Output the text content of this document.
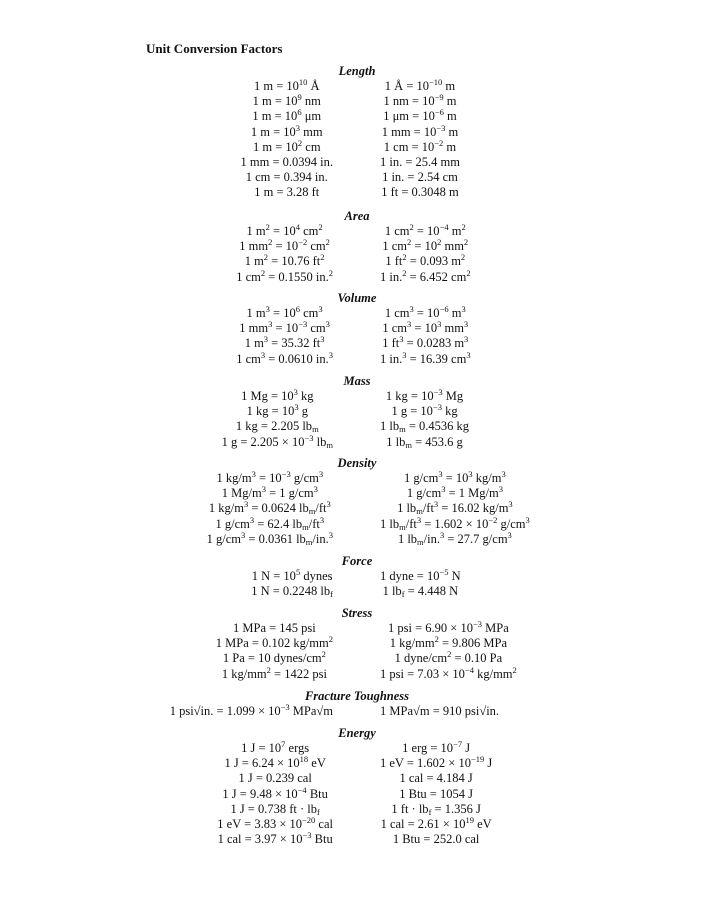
Unit Conversion Factors
Length
1 $m = 10^{10}$ Å
1 $m = 10^9$ nm
1 $m = 10^6$ μm
1 $m = 10^3$ mm
1 $m = 10^2$ cm
1 mm = 0.0394 in.
1 cm = 0.394 in.
1 m = 3.28 ft
1 Å = $10^{-10}$ m
1 nm = $10^{-9}$ m
1 $\mu m = 10^{-6}$ m
1 mm = $10^{-3}$ m
1 cm = $10^{-2}$ m
1 in. = 25.4 mm
1 in. = 2.54 cm
1 ft = 0.3048 m
Area
1 $m^2 = 10^4$ $cm^2$
1 $mm^2 = 10^{-2}$ $cm^2$
1 $m^2 = 10.76$ $ft^2$
1 $cm^2 = 0.1550$ in.$^2$
1 $cm^2 = 10^{-4}$ $m^2$
1 $cm^2 = 10^2$ $mm^2$
1 $ft^2 = 0.093$ $m^2$
1 in.$^2$ = 6.452 $cm^2$
Volume
1 $m^3 = 10^6$ $cm^3$
1 $mm^3 = 10^{-3}$ $cm^3$
1 $m^3 = 35.32$ $ft^3$
1 $cm^3 = 0.0610$ in.$^3$
1 $cm^3 = 10^{-6}$ $m^3$
1 $cm^3 = 10^3$ $mm^3$
1 $ft^3 = 0.0283$ $m^3$
1 in.$^3$ = 16.39 $cm^3$
Mass
1 $Mg = 10^3$ kg
1 kg = $10^3$ g
1 kg = 2.205 $lb_m$
1 $g = 2.205 \times 10^{-3}$ $lb_m$
1 kg = $10^{-3}$ Mg
1 $g = 10^{-3}$ kg
1 $lb_m = 0.4536$ kg
1 $lb_m = 453.6$ g
Density
1 $kg/m^3 = 10^{-3}$ $g/cm^3$
1 $Mg/m^3 = 1$ $g/cm^3$
1 $kg/m^3 = 0.0624$ $lb_m/ft^3$
1 $g/cm^3 = 62.4$ $lb_m/ft^3$
1 $g/cm^3 = 0.0361$ $lb_m/in.^3$
1 $g/cm^3 = 10^3$ $kg/m^3$
1 $g/cm^3 = 1$ $Mg/m^3$
1 $lb_m/ft^3 = 16.02$ $kg/m^3$
1 $lb_m/ft^3 = 1.602 \times 10^{-2}$ $g/cm^3$
1 $lb_m/in.^3 = 27.7$ $g/cm^3$
Force
1 $N = 10^5$ dynes
1 N = 0.2248 $lb_f$
1 dyne = $10^{-5}$ N
1 $lb_f = 4.448$ N
Stress
1 MPa = 145 psi
1 MPa = 0.102 $kg/mm^2$
1 Pa = 10 dynes/$cm^2$
1 $kg/mm^2 = 1422$ psi
1 psi = $6.90 \times 10^{-3}$ MPa
1 $kg/mm^2 = 9.806$ MPa
1 dyne/$cm^2 = 0.10$ Pa
1 psi = $7.03 \times 10^{-4}$ $kg/mm^2$
Fracture Toughness
1 psi√in. = $1.099 \times 10^{-3}$ MPa√m	1 MPa√m = 910 psi√in.
Energy
1 $J = 10^7$ ergs
1 $J = 6.24 \times 10^{18}$ eV
1 J = 0.239 cal
1 $J = 9.48 \times 10^{-4}$ Btu
1 J = 0.738 ft · $lb_f$
1 eV = $3.83 \times 10^{-20}$ cal
1 cal = $3.97 \times 10^{-3}$ Btu
1 erg = $10^{-7}$ J
1 eV = $1.602 \times 10^{-19}$ J
1 cal = 4.184 J
1 Btu = 1054 J
1 ft · $lb_f = 1.356$ J
1 cal = $2.61 \times 10^{19}$ eV
1 Btu = 252.0 cal
